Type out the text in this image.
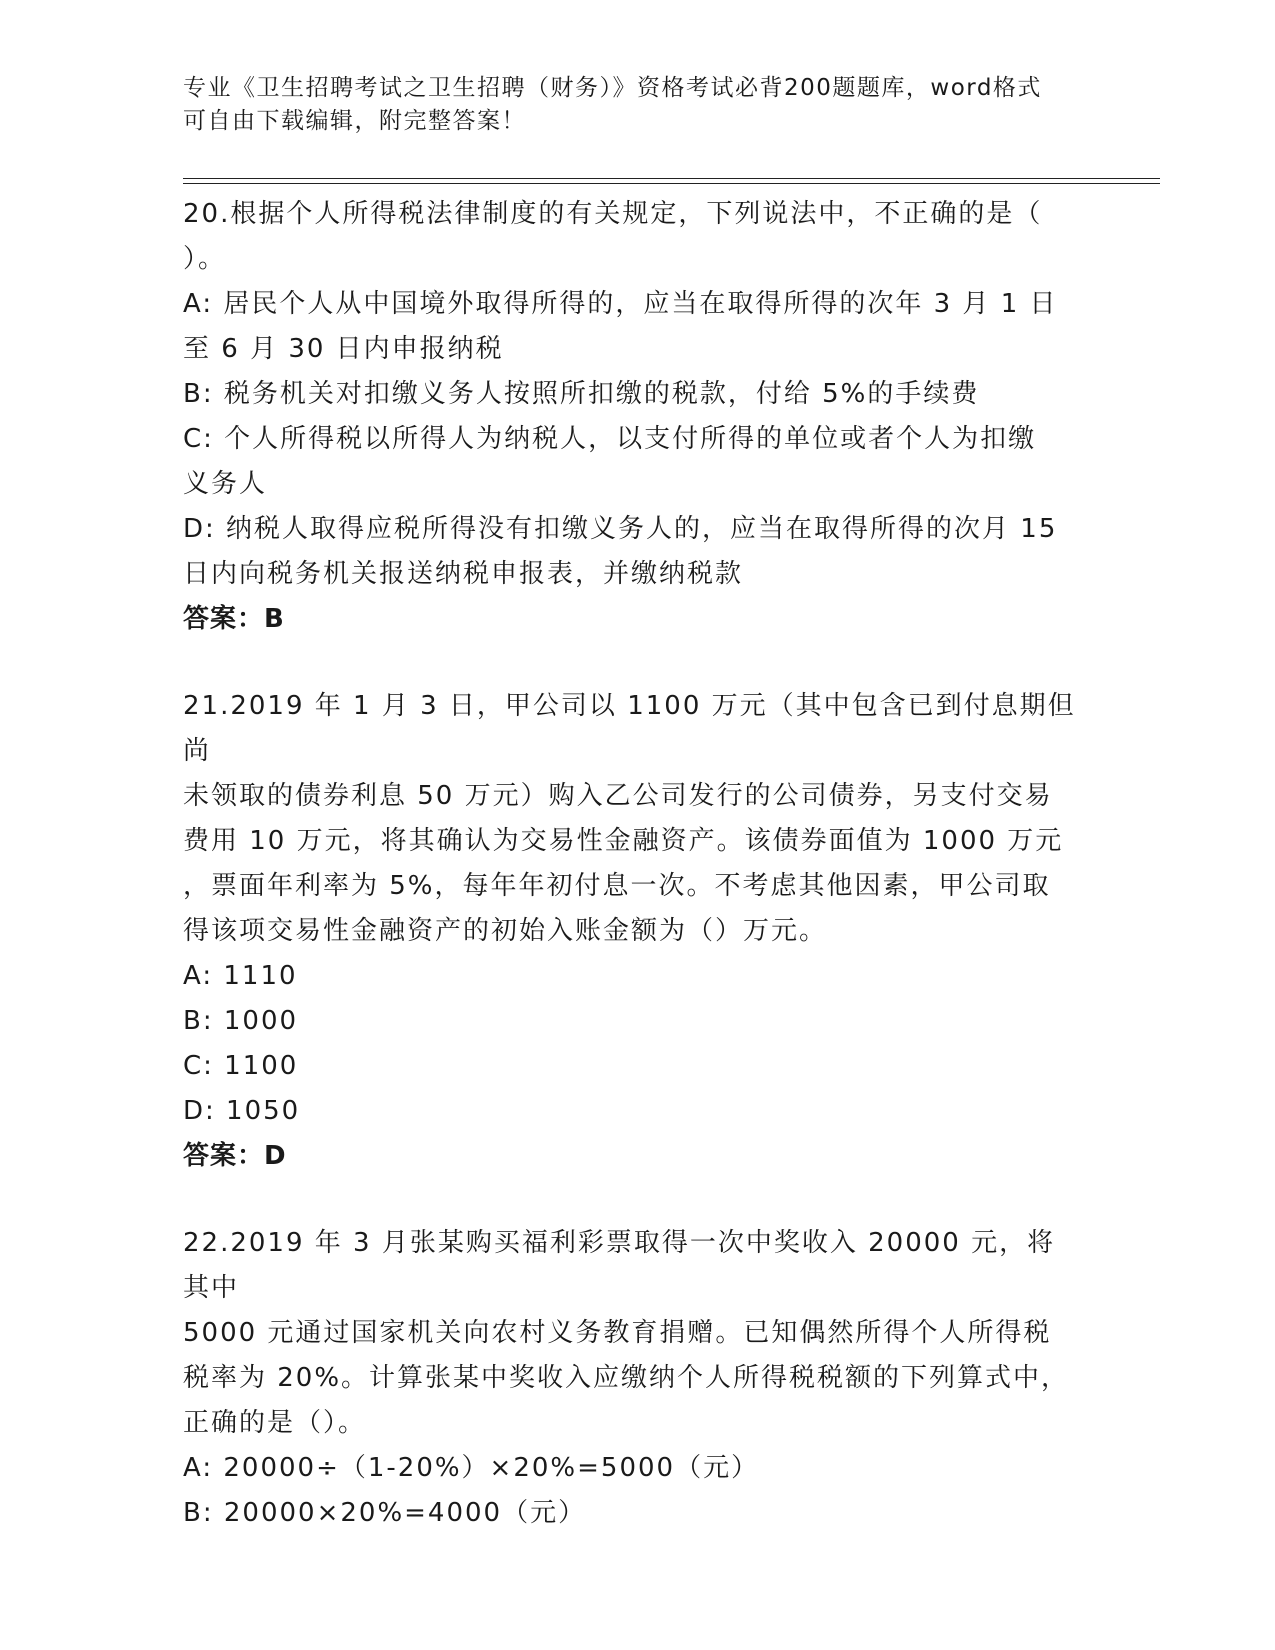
专业《卫生招聘考试之卫生招聘（财务）》资格考试必背200题题库，word格式
可自由下载编辑，附完整答案！
20.根据个人所得税法律制度的有关规定，下列说法中，不正确的是（
）。
A: 居民个人从中国境外取得所得的，应当在取得所得的次年 3 月 1 日
至 6 月 30 日内申报纳税
B: 税务机关对扣缴义务人按照所扣缴的税款，付给 5%的手续费
C: 个人所得税以所得人为纳税人，以支付所得的单位或者个人为扣缴
义务人
D: 纳税人取得应税所得没有扣缴义务人的，应当在取得所得的次月 15
日内向税务机关报送纳税申报表，并缴纳税款
答案：B
21.2019 年 1 月 3 日，甲公司以 1100 万元（其中包含已到付息期但尚
未领取的债券利息 50 万元）购入乙公司发行的公司债券，另支付交易
费用 10 万元，将其确认为交易性金融资产。该债券面值为 1000 万元
，票面年利率为 5%，每年年初付息一次。不考虑其他因素，甲公司取
得该项交易性金融资产的初始入账金额为（）万元。
A: 1110
B: 1000
C: 1100
D: 1050
答案：D
22.2019 年 3 月张某购买福利彩票取得一次中奖收入 20000 元，将其中
5000 元通过国家机关向农村义务教育捐赠。已知偶然所得个人所得税
税率为 20%。计算张某中奖收入应缴纳个人所得税税额的下列算式中，
正确的是（）。
A: 20000÷（1-20%）×20%=5000（元）
B: 20000×20%=4000（元）
